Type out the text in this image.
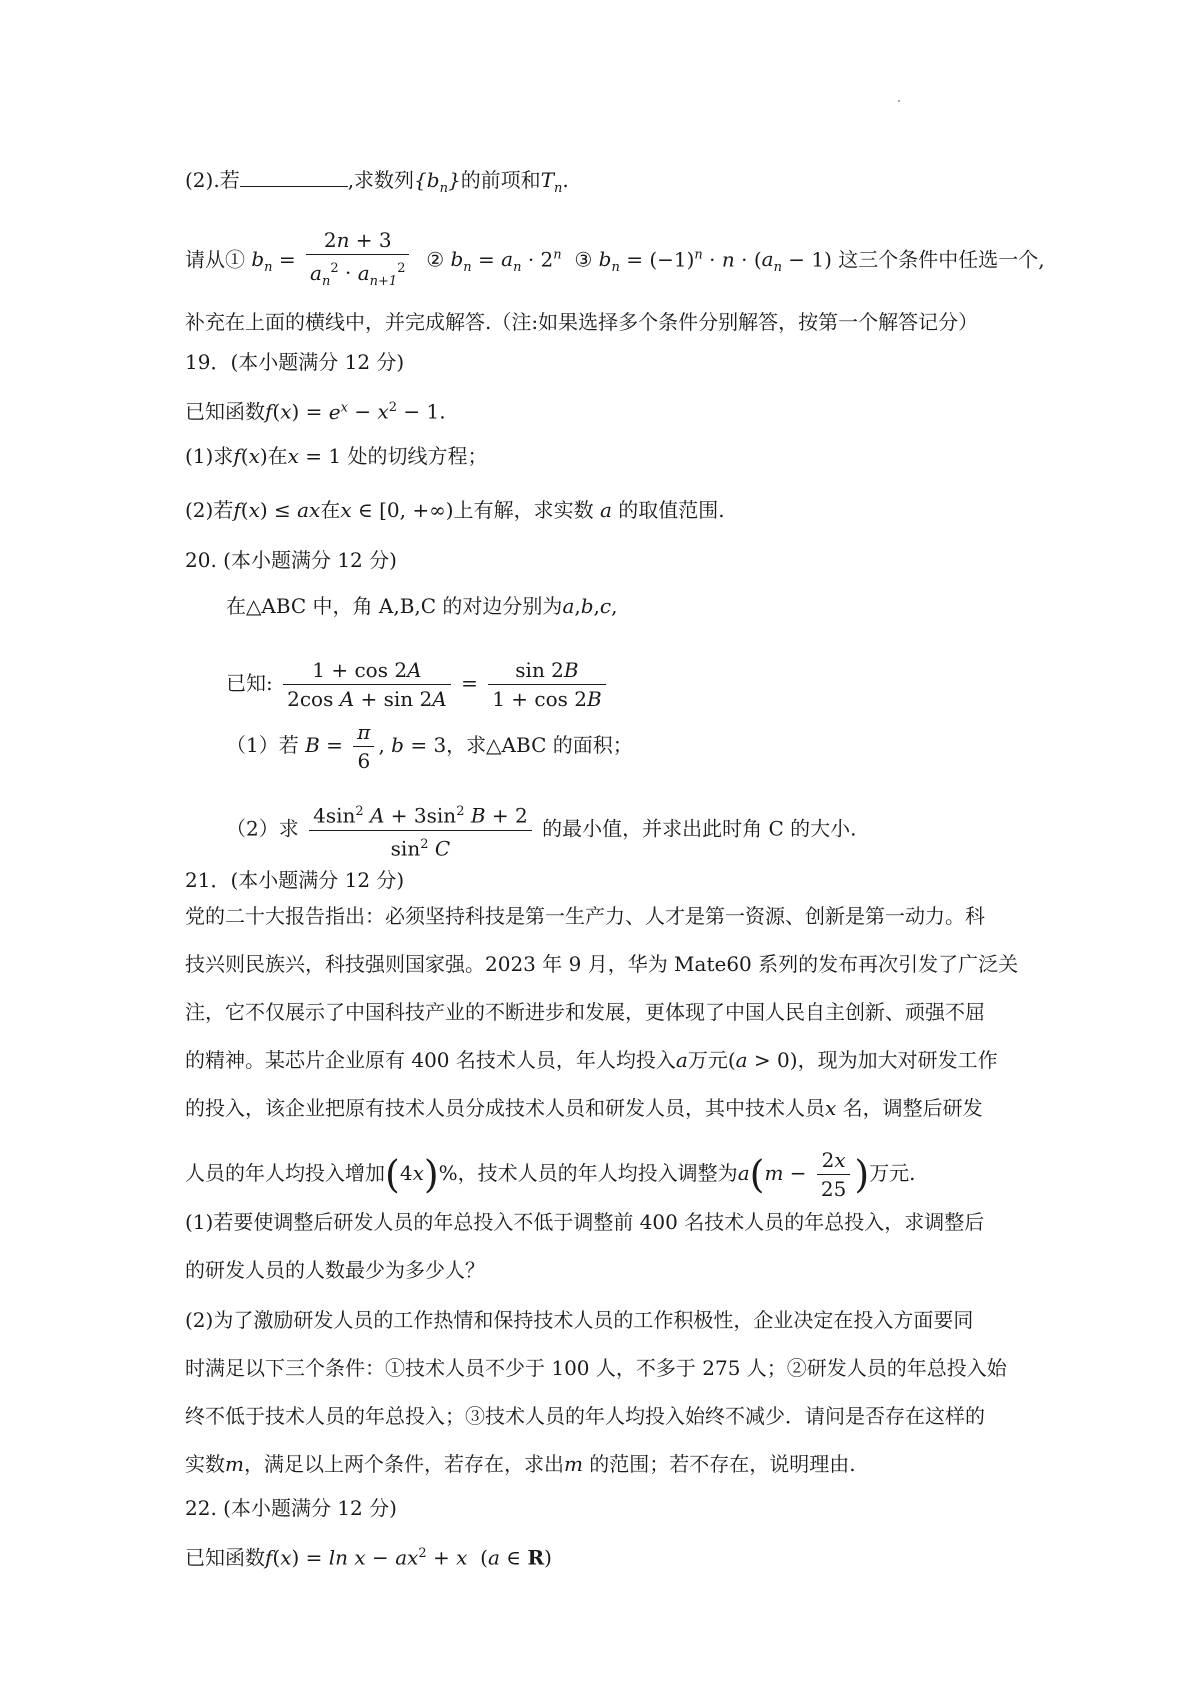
(2).若	,求数列$\{b_n\}$的前项和$T_n$.
请从① $b_n = \frac{2n + 3}{a_n^2 \cdot a_{n+1}^2}$ ② $b_n = a_n \cdot 2^n$ ③ $b_n = (-1)^n \cdot n \cdot (a_n - 1)$ 这三个条件中任选一个,
补充在上面的横线中，并完成解答.（注:如果选择多个条件分别解答，按第一个解答记分）
19．(本小题满分 12 分)
已知函数$f(x) = e^x - x^2 - 1$.
(1)求f(x)在x = 1 处的切线方程；
(2)若f(x) ≤ ax在x ∈ [0, +∞)上有解，求实数 a 的取值范围.
20. (本小题满分 12 分)
在△ABC 中，角 A,B,C 的对边分别为a,b,c,
已知: $\frac{1 + \cos 2A}{\text{2cos A + sin 2A}} = \frac{\sin 2B}{1 + \cos 2B}$
（1）若 $B = \frac{\pi}{6}$ , b = 3，求△ABC 的面积；
（2）求 $\frac{4\sin^2 A + 3\sin^2 B + 2}{\sin^2 C}$ 的最小值，并求出此时角 C 的大小.
21．(本小题满分 12 分)
党的二十大报告指出：必须坚持科技是第一生产力、人才是第一资源、创新是第一动力。科
技兴则民族兴，科技强则国家强。2023 年 9 月，华为 Mate60 系列的发布再次引发了广泛关
注，它不仅展示了中国科技产业的不断进步和发展，更体现了中国人民自主创新、顽强不屈
的精神。某芯片企业原有 400 名技术人员，年人均投入a万元(a > 0)，现为加大对研发工作
的投入，该企业把原有技术人员分成技术人员和研发人员，其中技术人员x 名，调整后研发
人员的年人均投入增加(4x)%，技术人员的年人均投入调整为$a(m - \frac{2x}{25}$ )万元.
(1)若要使调整后研发人员的年总投入不低于调整前 400 名技术人员的年总投入，求调整后
的研发人员的人数最少为多少人？
(2)为了激励研发人员的工作热情和保持技术人员的工作积极性，企业决定在投入方面要同
时满足以下三个条件：①技术人员不少于 100 人，不多于 275 人；②研发人员的年总投入始
终不低于技术人员的年总投入；③技术人员的年人均投入始终不减少．请问是否存在这样的
实数m，满足以上两个条件，若存在，求出m 的范围；若不存在，说明理由.
22. (本小题满分 12 分)
已知函数$f(x) = \ln x - ax^2 + x$  (a ∈ R)
